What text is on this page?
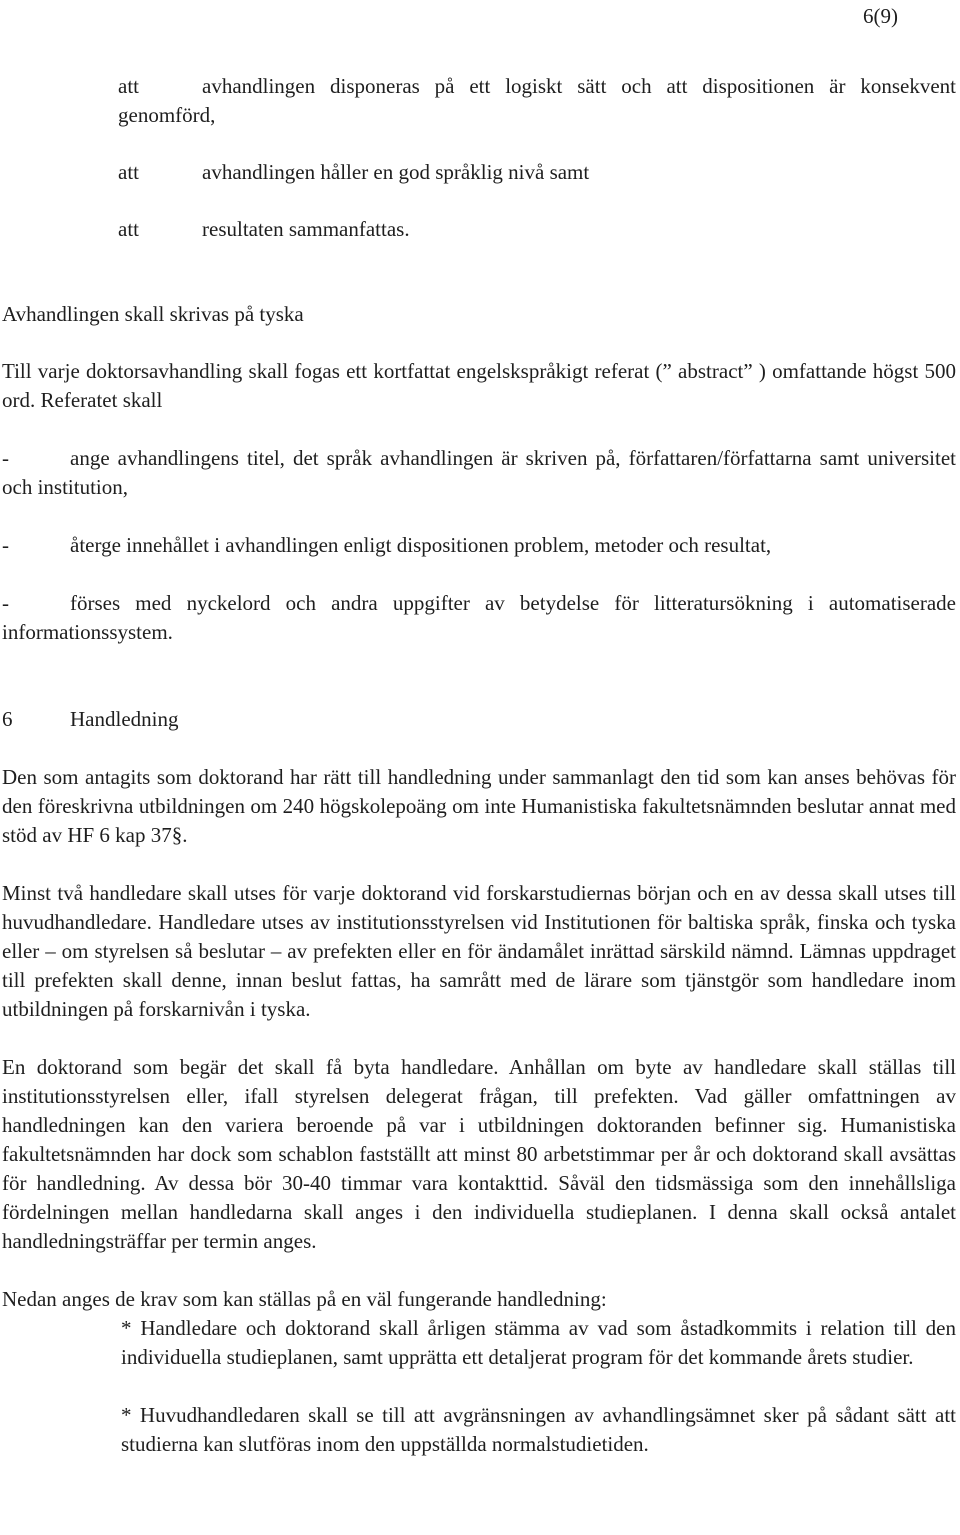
6(9)
att	avhandlingen disponeras på ett logiskt sätt och att dispositionen är konsekvent genomförd,
att	avhandlingen håller en god språklig nivå samt
att	resultaten sammanfattas.
Avhandlingen skall skrivas på tyska
Till varje doktorsavhandling skall fogas ett kortfattat engelskspråkigt referat (” abstract” ) omfattande högst 500 ord. Referatet skall
-	ange avhandlingens titel, det språk avhandlingen är skriven på, författaren/författarna samt universitet och institution,
-	återge innehållet i avhandlingen enligt dispositionen problem, metoder och resultat,
-	förses med nyckelord och andra uppgifter av betydelse för litteratursökning i automatiserade informationssystem.
6	Handledning
Den som antagits som doktorand har rätt till handledning under sammanlagt den tid som kan anses behövas för den föreskrivna utbildningen om 240 högskolepoäng om inte Humanistiska fakultetsnämnden beslutar annat med stöd av HF 6 kap 37§.
Minst två handledare skall utses för varje doktorand vid forskarstudiernas början och en av dessa skall utses till huvudhandledare. Handledare utses av institutionsstyrelsen vid Institutionen för baltiska språk, finska och tyska eller – om styrelsen så beslutar – av prefekten eller en för ändamålet inrättad särskild nämnd. Lämnas uppdraget till prefekten skall denne, innan beslut fattas, ha samrått med de lärare som tjänstgör som handledare inom utbildningen på forskarnivån i tyska.
En doktorand som begär det skall få byta handledare. Anhållan om byte av handledare skall ställas till institutionsstyrelsen eller, ifall styrelsen delegerat frågan, till prefekten. Vad gäller omfattningen av handledningen kan den variera beroende på var i utbildningen doktoranden befinner sig. Humanistiska fakultetsnämnden har dock som schablon fastställt att minst 80 arbetstimmar per år och doktorand skall avsättas för handledning. Av dessa bör 30-40 timmar vara kontakttid. Såväl den tidsmässiga som den innehållsliga fördelningen mellan handledarna skall anges i den individuella studieplanen. I denna skall också antalet handledningsträffar per termin anges.
Nedan anges de krav som kan ställas på en väl fungerande handledning:
* Handledare och doktorand skall årligen stämma av vad som åstadkommits i relation till den individuella studieplanen, samt upprätta ett detaljerat program för det kommande årets studier.
* Huvudhandledaren skall se till att avgränsningen av avhandlingsämnet sker på sådant sätt att studierna kan slutföras inom den uppställda normalstudietiden.
